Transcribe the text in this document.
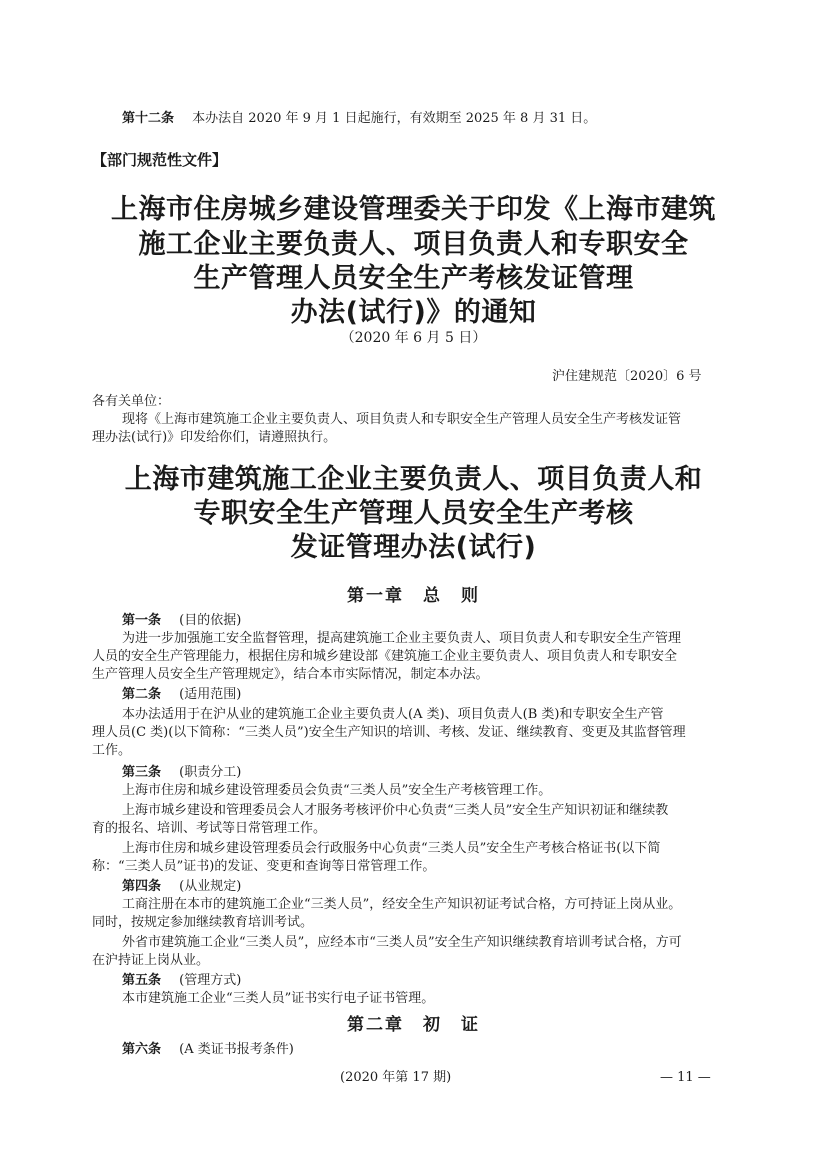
第十二条 本办法自 2020 年 9 月 1 日起施行，有效期至 2025 年 8 月 31 日。
【部门规范性文件】
上海市住房城乡建设管理委关于印发《上海市建筑
施工企业主要负责人、项目负责人和专职安全
生产管理人员安全生产考核发证管理
办法(试行)》的通知
（2020 年 6 月 5 日）
沪住建规范〔2020〕6 号
各有关单位：
现将《上海市建筑施工企业主要负责人、项目负责人和专职安全生产管理人员安全生产考核发证管
理办法(试行)》印发给你们，请遵照执行。
上海市建筑施工企业主要负责人、项目负责人和
专职安全生产管理人员安全生产考核
发证管理办法(试行)
第一章　总　则
第一条 (目的依据)
为进一步加强施工安全监督管理，提高建筑施工企业主要负责人、项目负责人和专职安全生产管理
人员的安全生产管理能力，根据住房和城乡建设部《建筑施工企业主要负责人、项目负责人和专职安全
生产管理人员安全生产管理规定》，结合本市实际情况，制定本办法。
第二条 (适用范围)
本办法适用于在沪从业的建筑施工企业主要负责人(A 类)、项目负责人(B 类)和专职安全生产管
理人员(C 类)(以下简称：“三类人员”)安全生产知识的培训、考核、发证、继续教育、变更及其监督管理
工作。
第三条 (职责分工)
上海市住房和城乡建设管理委员会负责“三类人员”安全生产考核管理工作。
上海市城乡建设和管理委员会人才服务考核评价中心负责“三类人员”安全生产知识初证和继续教
育的报名、培训、考试等日常管理工作。
上海市住房和城乡建设管理委员会行政服务中心负责“三类人员”安全生产考核合格证书(以下简
称：“三类人员”证书)的发证、变更和查询等日常管理工作。
第四条 (从业规定)
工商注册在本市的建筑施工企业“三类人员”，经安全生产知识初证考试合格，方可持证上岗从业。
同时，按规定参加继续教育培训考试。
外省市建筑施工企业“三类人员”，应经本市“三类人员”安全生产知识继续教育培训考试合格，方可
在沪持证上岗从业。
第五条 (管理方式)
本市建筑施工企业“三类人员”证书实行电子证书管理。
第二章　初　证
第六条 (A 类证书报考条件)
(2020 年第 17 期)	— 11 —
